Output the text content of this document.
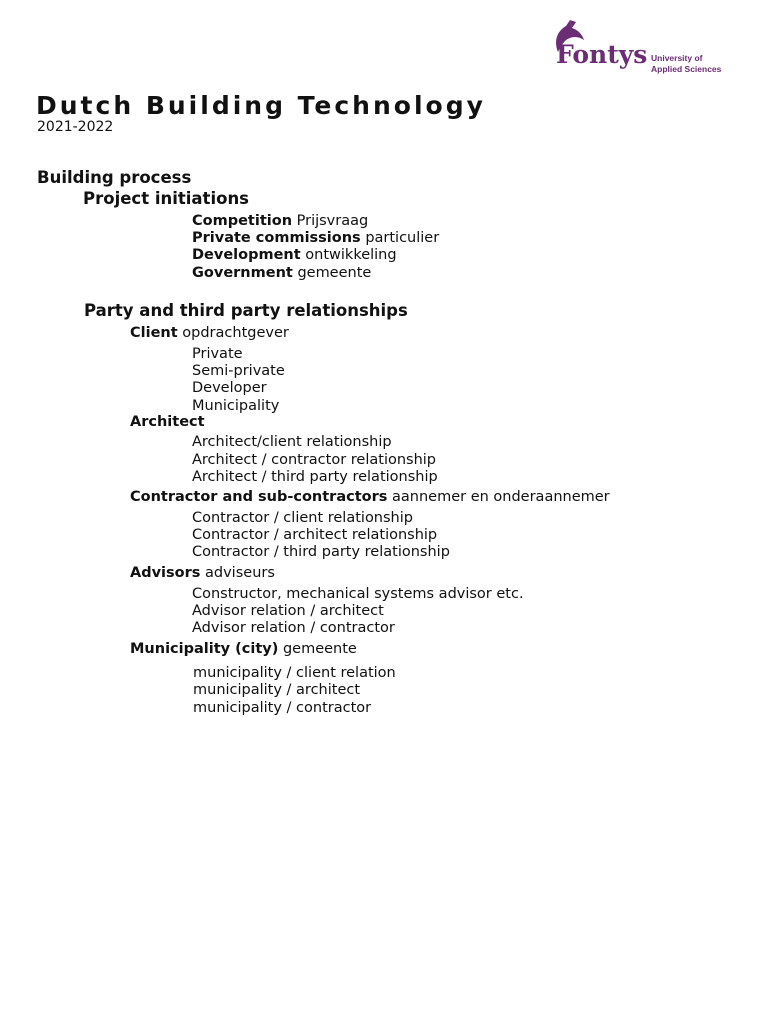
Fontys University of
Applied Sciences
Dutch Building Technology
2021-2022
Building process
Project initiations
Competition Prijsvraag
Private commissions particulier
Development ontwikkeling
Government gemeente
Party and third party relationships
Client opdrachtgever
Private
Semi-private
Developer
Municipality
Architect
Architect/client relationship
Architect / contractor relationship
Architect / third party relationship
Contractor and sub-contractors aannemer en onderaannemer
Contractor / client relationship
Contractor / architect relationship
Contractor / third party relationship
Advisors adviseurs
Constructor, mechanical systems advisor etc.
Advisor relation / architect
Advisor relation / contractor
Municipality (city) gemeente
municipality / client relation
municipality / architect
municipality / contractor
